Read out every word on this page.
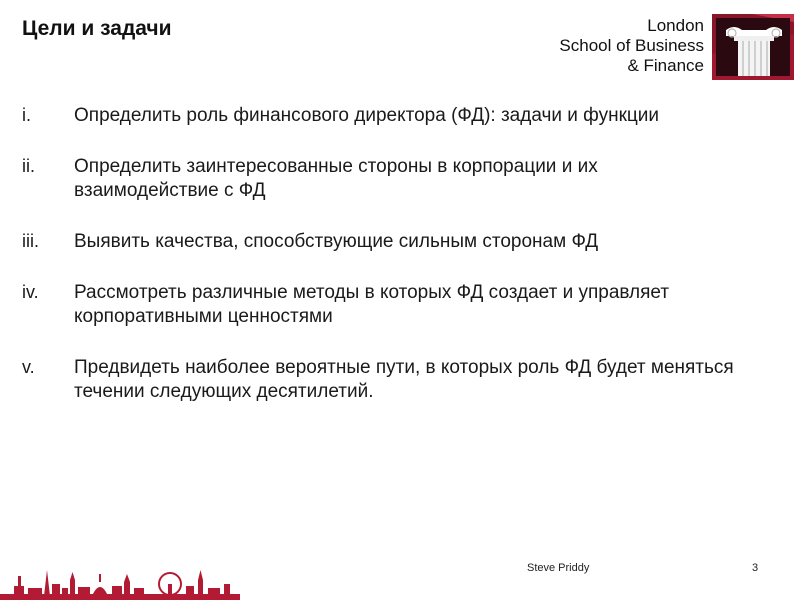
Цели и задачи	London
School of Business
& Finance
i.	Определить роль финансового директора (ФД): задачи и функции
ii.	Определить заинтересованные стороны в корпорации и их взаимодействие с ФД
iii.	Выявить качества, способствующие сильным сторонам ФД
iv.	Рассмотреть различные методы в которых ФД создает и управляет корпоративными ценностями
v.	Предвидеть наиболее вероятные пути, в которых роль ФД будет меняться течении следующих десятилетий.
Steve Priddy	3
